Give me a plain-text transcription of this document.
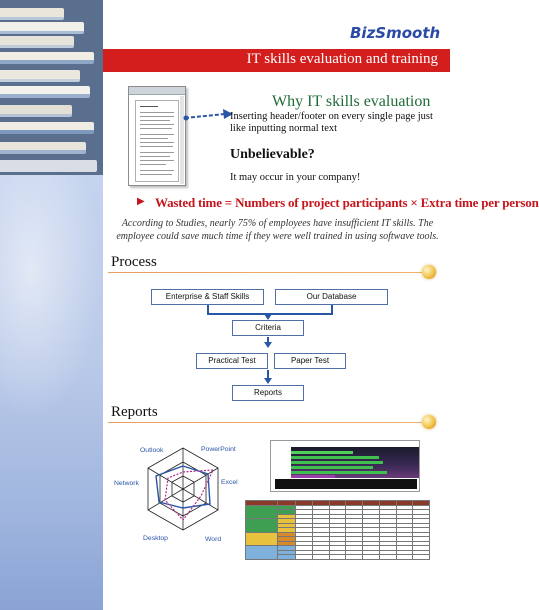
BizSmooth
IT skills evaluation and training
Why IT skills evaluation
Inserting header/footer on every single page just
like inputting normal text
Unbelievable?
It may occur in your company!
▶ Wasted time = Numbers of project participants × Extra time per person
According to Studies, nearly 75% of employees have insufficient IT skills. The
employee could save much time if they were well trained in using softwave tools.
Process
Enterprise & Staff Skills	Our Database
Criteria
Practical Test	Paper Test
Reports
Reports
Outlook	PowerPoint
Excel
Word
Desktop
Network
